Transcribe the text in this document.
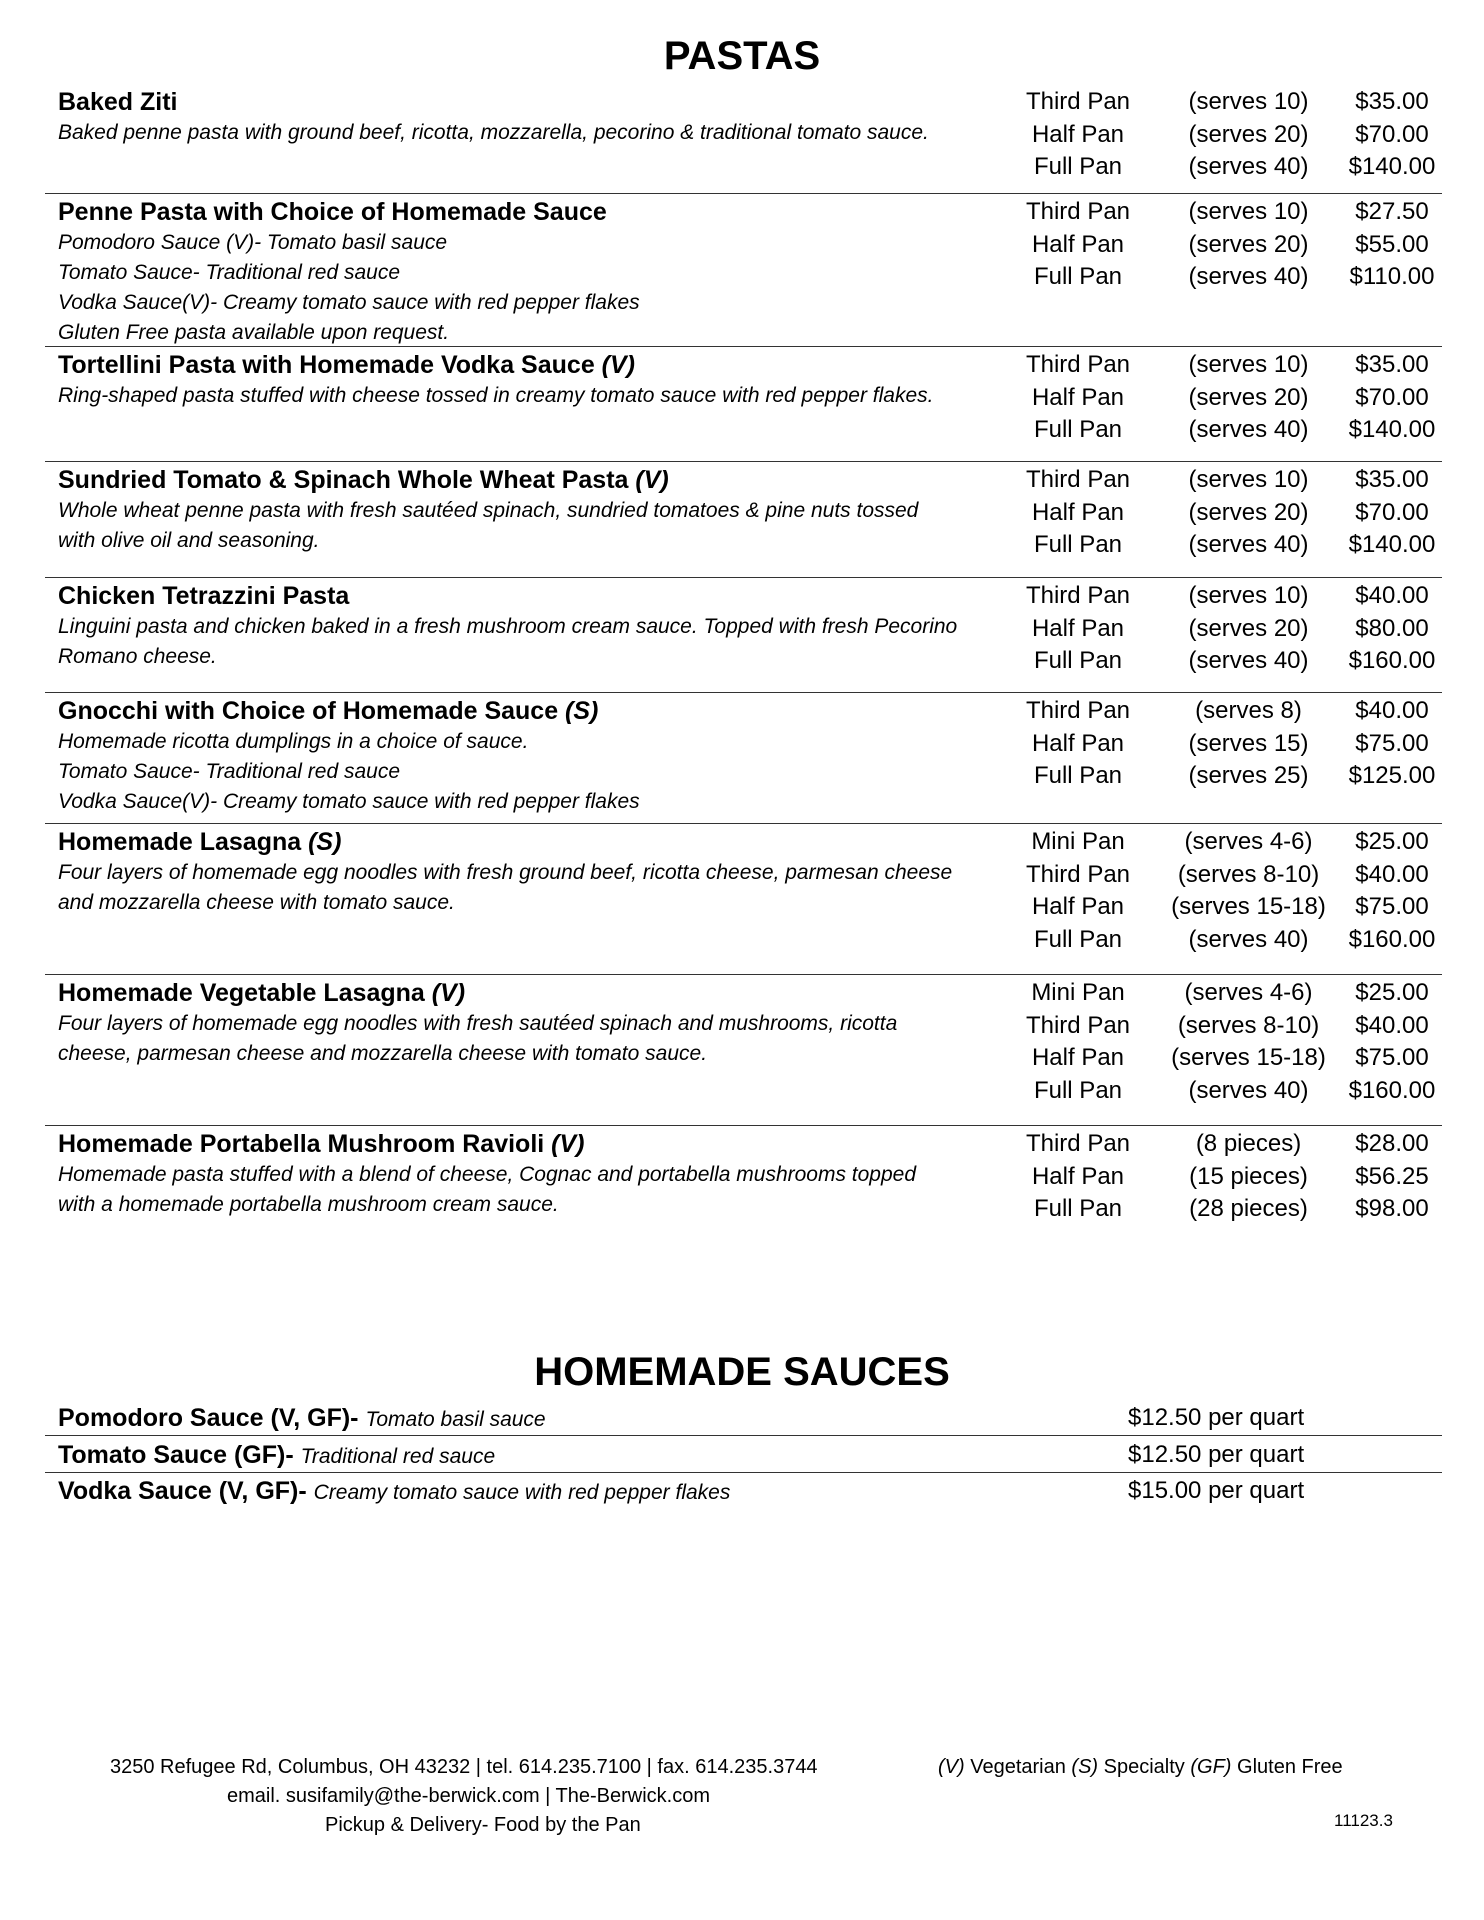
PASTAS
Baked Ziti
Baked penne pasta with ground beef, ricotta, mozzarella, pecorino & traditional tomato sauce.
Third Pan	(serves 10)	$35.00
Half Pan	(serves 20)	$70.00
Full Pan	(serves 40)	$140.00
Penne Pasta with Choice of Homemade Sauce
Pomodoro Sauce (V)- Tomato basil sauce
Tomato Sauce- Traditional red sauce
Vodka Sauce(V)- Creamy tomato sauce with red pepper flakes
Gluten Free pasta available upon request.
Third Pan	(serves 10)	$27.50
Half Pan	(serves 20)	$55.00
Full Pan	(serves 40)	$110.00
Tortellini Pasta with Homemade Vodka Sauce (V)
Ring-shaped pasta stuffed with cheese tossed in creamy tomato sauce with red pepper flakes.
Third Pan	(serves 10)	$35.00
Half Pan	(serves 20)	$70.00
Full Pan	(serves 40)	$140.00
Sundried Tomato & Spinach Whole Wheat Pasta (V)
Whole wheat penne pasta with fresh sautéed spinach, sundried tomatoes & pine nuts tossed
with olive oil and seasoning.
Third Pan	(serves 10)	$35.00
Half Pan	(serves 20)	$70.00
Full Pan	(serves 40)	$140.00
Chicken Tetrazzini Pasta
Linguini pasta and chicken baked in a fresh mushroom cream sauce. Topped with fresh Pecorino
Romano cheese.
Third Pan	(serves 10)	$40.00
Half Pan	(serves 20)	$80.00
Full Pan	(serves 40)	$160.00
Gnocchi with Choice of Homemade Sauce (S)
Homemade ricotta dumplings in a choice of sauce.
Tomato Sauce- Traditional red sauce
Vodka Sauce(V)- Creamy tomato sauce with red pepper flakes
Third Pan	(serves 8)	$40.00
Half Pan	(serves 15)	$75.00
Full Pan	(serves 25)	$125.00
Homemade Lasagna (S)
Four layers of homemade egg noodles with fresh ground beef, ricotta cheese, parmesan cheese
and mozzarella cheese with tomato sauce.
Mini Pan	(serves 4-6)	$25.00
Third Pan	(serves 8-10)	$40.00
Half Pan	(serves 15-18)	$75.00
Full Pan	(serves 40)	$160.00
Homemade Vegetable Lasagna (V)
Four layers of homemade egg noodles with fresh sautéed spinach and mushrooms, ricotta
cheese, parmesan cheese and mozzarella cheese with tomato sauce.
Mini Pan	(serves 4-6)	$25.00
Third Pan	(serves 8-10)	$40.00
Half Pan	(serves 15-18)	$75.00
Full Pan	(serves 40)	$160.00
Homemade Portabella Mushroom Ravioli (V)
Homemade pasta stuffed with a blend of cheese, Cognac and portabella mushrooms topped
with a homemade portabella mushroom cream sauce.
Third Pan	(8 pieces)	$28.00
Half Pan	(15 pieces)	$56.25
Full Pan	(28 pieces)	$98.00
HOMEMADE SAUCES
Pomodoro Sauce (V, GF)- Tomato basil sauce	$12.50 per quart
Tomato Sauce (GF)- Traditional red sauce	$12.50 per quart
Vodka Sauce (V, GF)- Creamy tomato sauce with red pepper flakes	$15.00 per quart
3250 Refugee Rd, Columbus, OH 43232 | tel. 614.235.7100 | fax. 614.235.3744
email. susifamily@the-berwick.com | The-Berwick.com
Pickup & Delivery- Food by the Pan
(V) Vegetarian (S) Specialty (GF) Gluten Free
11123.3
